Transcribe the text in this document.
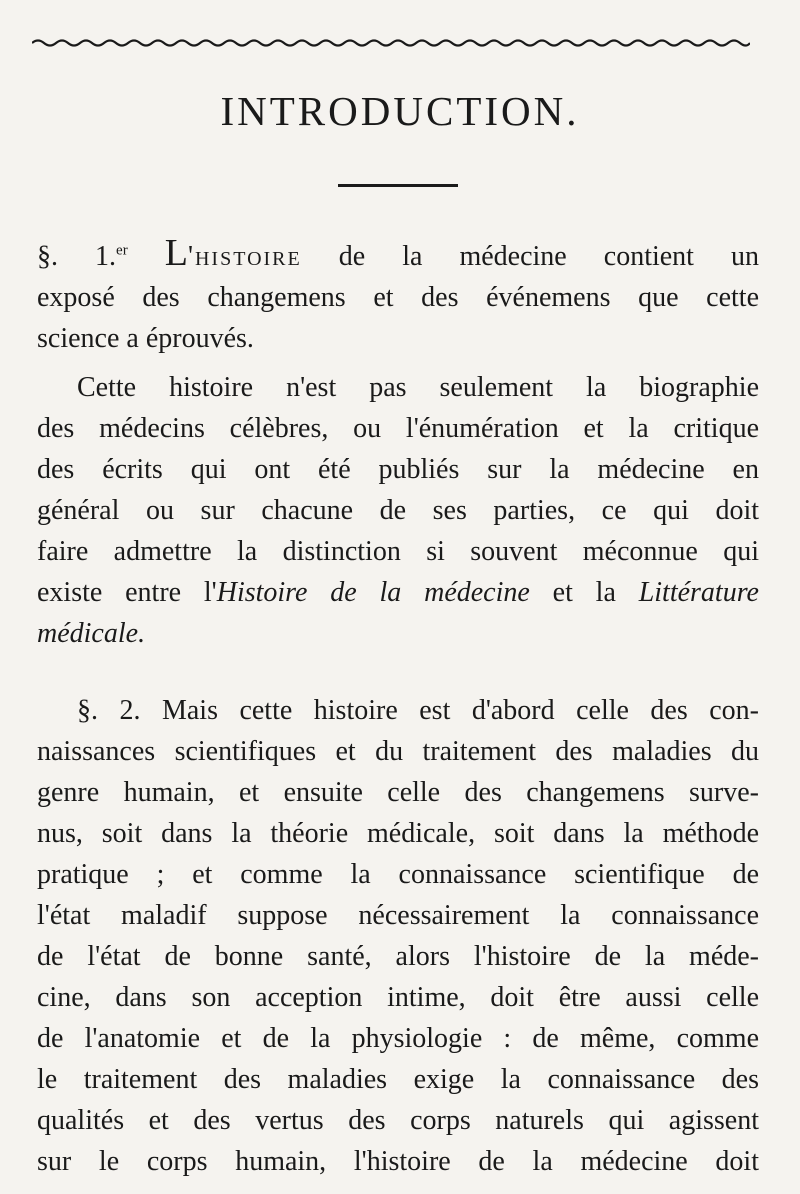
INTRODUCTION.
§. 1.$^{er}$ L'histoire de la médecine contient un
exposé des changemens et des événemens que cette
science a éprouvés.
Cette histoire n'est pas seulement la biographie
des médecins célèbres, ou l'énumération et la critique
des écrits qui ont été publiés sur la médecine en
général ou sur chacune de ses parties, ce qui doit
faire admettre la distinction si souvent méconnue qui
existe entre l'Histoire de la médecine et la Littérature
médicale.
§. 2. Mais cette histoire est d'abord celle des con-
naissances scientifiques et du traitement des maladies du
genre humain, et ensuite celle des changemens surve-
nus, soit dans la théorie médicale, soit dans la méthode
pratique ; et comme la connaissance scientifique de
l'état maladif suppose nécessairement la connaissance
de l'état de bonne santé, alors l'histoire de la méde-
cine, dans son acception intime, doit être aussi celle
de l'anatomie et de la physiologie : de même, comme
le traitement des maladies exige la connaissance des
qualités et des vertus des corps naturels qui agissent
sur le corps humain, l'histoire de la médecine doit
